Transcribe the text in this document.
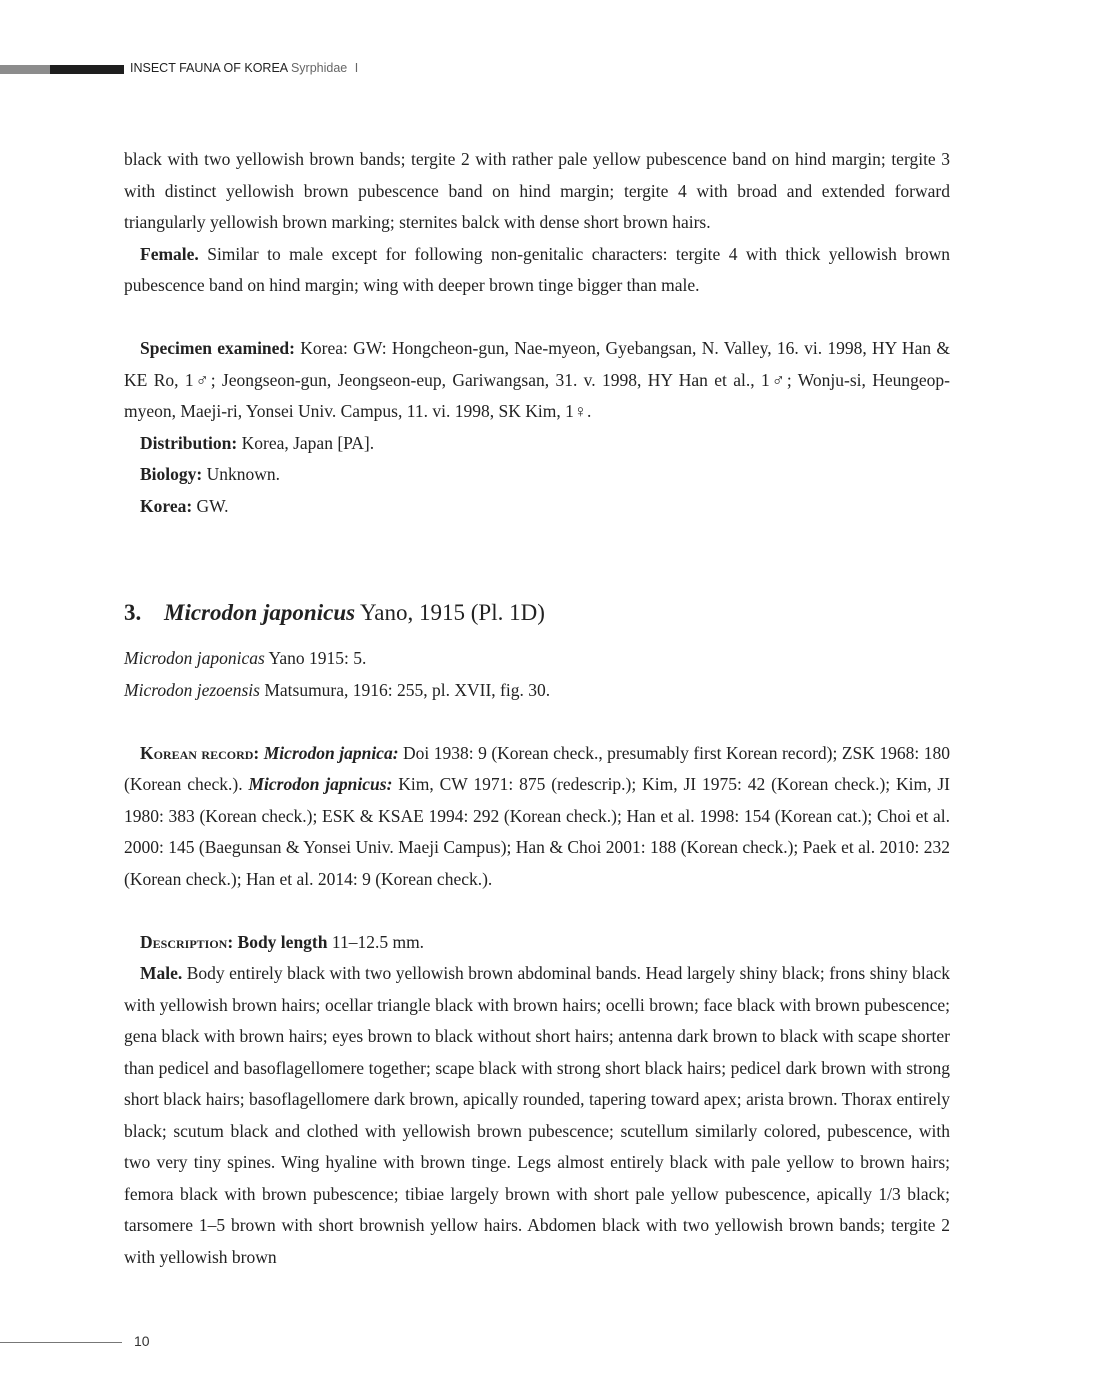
INSECT FAUNA OF KOREA Syrphidae I

black with two yellowish brown bands; tergite 2 with rather pale yellow pubescence band on hind margin; tergite 3 with distinct yellowish brown pubescence band on hind margin; tergite 4 with broad and extended forward triangularly yellowish brown marking; sternites balck with dense short brown hairs.

Female. Similar to male except for following non-genitalic characters: tergite 4 with thick yellowish brown pubescence band on hind margin; wing with deeper brown tinge bigger than male.

Specimen examined: Korea: GW: Hongcheon-gun, Nae-myeon, Gyebangsan, N. Valley, 16. vi. 1998, HY Han & KE Ro, 1♂; Jeongseon-gun, Jeongseon-eup, Gariwangsan, 31. v. 1998, HY Han et al., 1♂; Wonju-si, Heungeop-myeon, Maeji-ri, Yonsei Univ. Campus, 11. vi. 1998, SK Kim, 1♀.

Distribution: Korea, Japan [PA].

Biology: Unknown.

Korea: GW.

3. Microdon japonicus Yano, 1915 (Pl. 1D)

Microdon japonicas Yano 1915: 5.

Microdon jezoensis Matsumura, 1916: 255, pl. XVII, fig. 30.

Korean record: Microdon japnica: Doi 1938: 9 (Korean check., presumably first Korean record); ZSK 1968: 180 (Korean check.). Microdon japnicus: Kim, CW 1971: 875 (redescrip.); Kim, JI 1975: 42 (Korean check.); Kim, JI 1980: 383 (Korean check.); ESK & KSAE 1994: 292 (Korean check.); Han et al. 1998: 154 (Korean cat.); Choi et al. 2000: 145 (Baegunsan & Yonsei Univ. Maeji Campus); Han & Choi 2001: 188 (Korean check.); Paek et al. 2010: 232 (Korean check.); Han et al. 2014: 9 (Korean check.).

Description: Body length 11–12.5 mm.

Male. Body entirely black with two yellowish brown abdominal bands. Head largely shiny black; frons shiny black with yellowish brown hairs; ocellar triangle black with brown hairs; ocelli brown; face black with brown pubescence; gena black with brown hairs; eyes brown to black without short hairs; antenna dark brown to black with scape shorter than pedicel and basoflagellomere together; scape black with strong short black hairs; pedicel dark brown with strong short black hairs; basoflagellomere dark brown, apically rounded, tapering toward apex; arista brown. Thorax entirely black; scutum black and clothed with yellowish brown pubescence; scutellum similarly colored, pubescence, with two very tiny spines. Wing hyaline with brown tinge. Legs almost entirely black with pale yellow to brown hairs; femora black with brown pubescence; tibiae largely brown with short pale yellow pubescence, apically 1/3 black; tarsomere 1–5 brown with short brownish yellow hairs. Abdomen black with two yellowish brown bands; tergite 2 with yellowish brown

10
